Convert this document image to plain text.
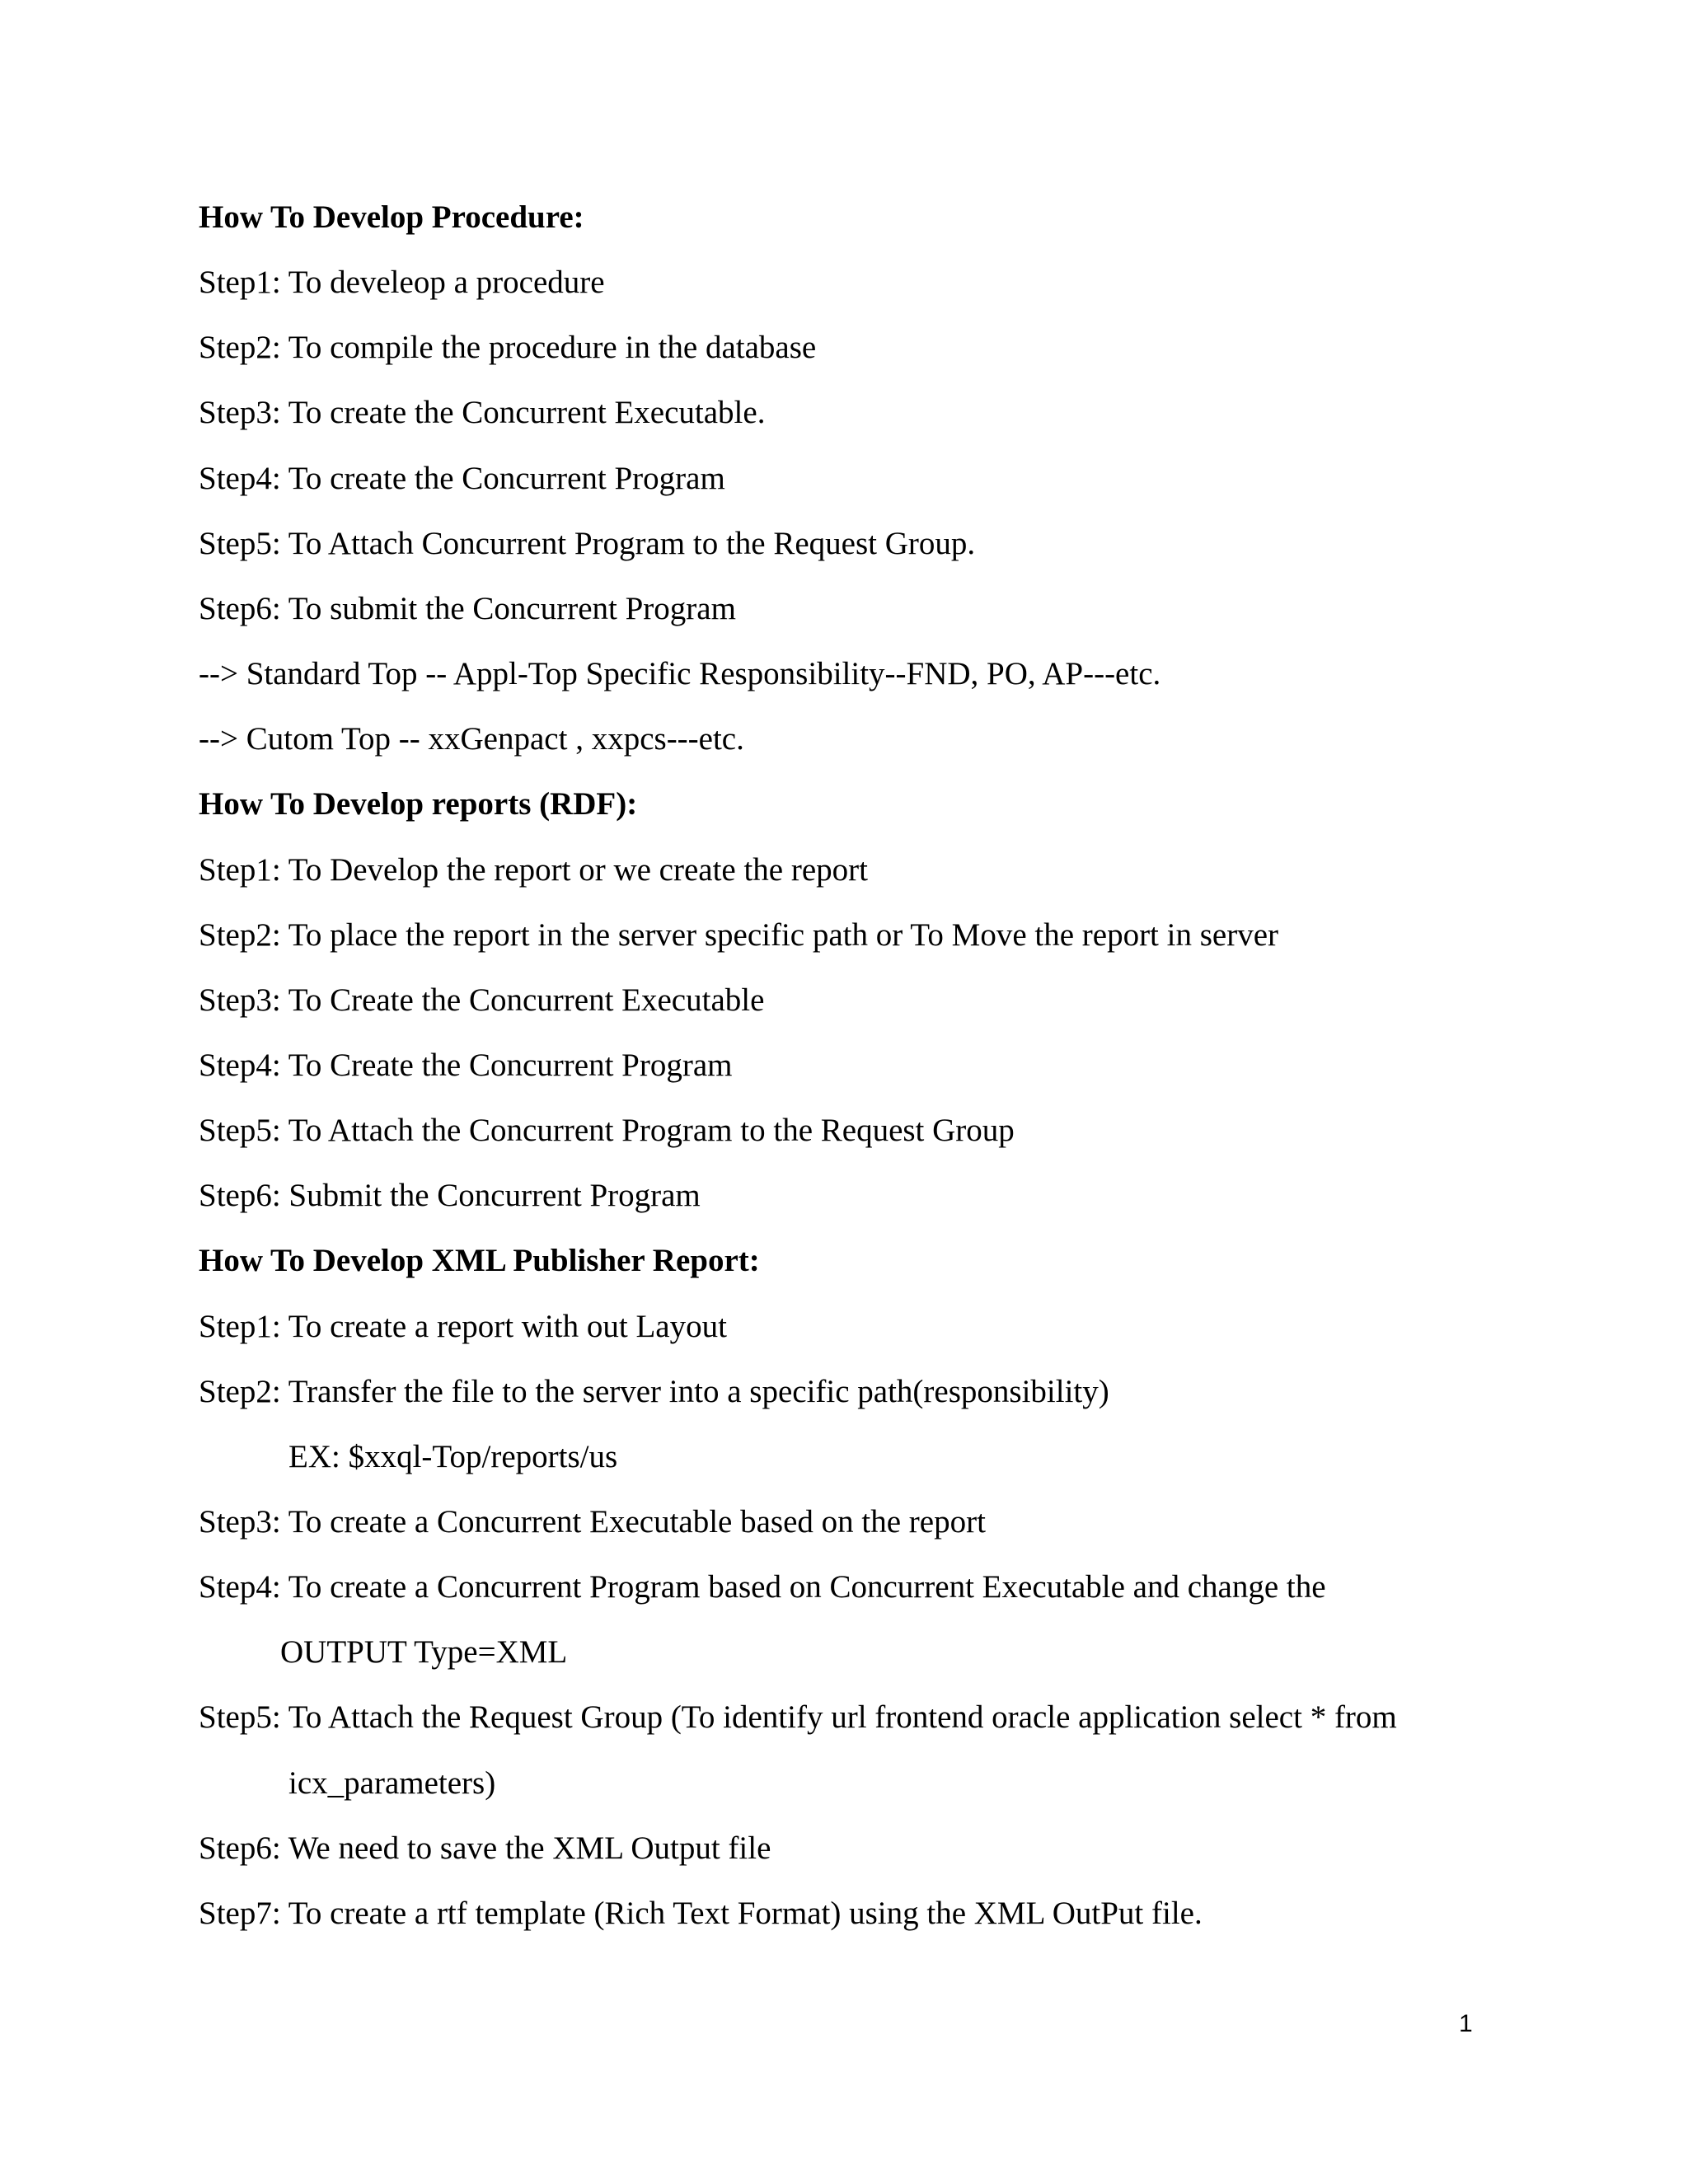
How To Develop Procedure:

Step1: To develeop a procedure

Step2: To compile the procedure in the database

Step3: To create the Concurrent Executable.

Step4: To create the Concurrent Program

Step5: To Attach Concurrent Program to the Request Group.

Step6: To submit the Concurrent Program

--> Standard Top -- Appl-Top Specific Responsibility--FND, PO, AP---etc.

--> Cutom Top -- xxGenpact , xxpcs---etc.

How To Develop reports (RDF):

Step1: To Develop the report or we create the report

Step2: To place the report in the server specific path or To Move the report in server

Step3: To Create the Concurrent Executable

Step4: To Create the Concurrent Program

Step5: To Attach the Concurrent Program to the Request Group

Step6: Submit the Concurrent Program

How To Develop XML Publisher Report:

Step1: To create a report with out Layout

Step2: Transfer the file to the server into a specific path(responsibility)

EX: $xxql-Top/reports/us

Step3: To create a Concurrent Executable based on the report

Step4: To create a Concurrent Program based on Concurrent Executable and change the

OUTPUT Type=XML

Step5: To Attach the Request Group (To identify url frontend oracle application select * from

icx_parameters)

Step6: We need to save the XML Output file

Step7: To create a rtf template (Rich Text Format) using the XML OutPut file.

1
